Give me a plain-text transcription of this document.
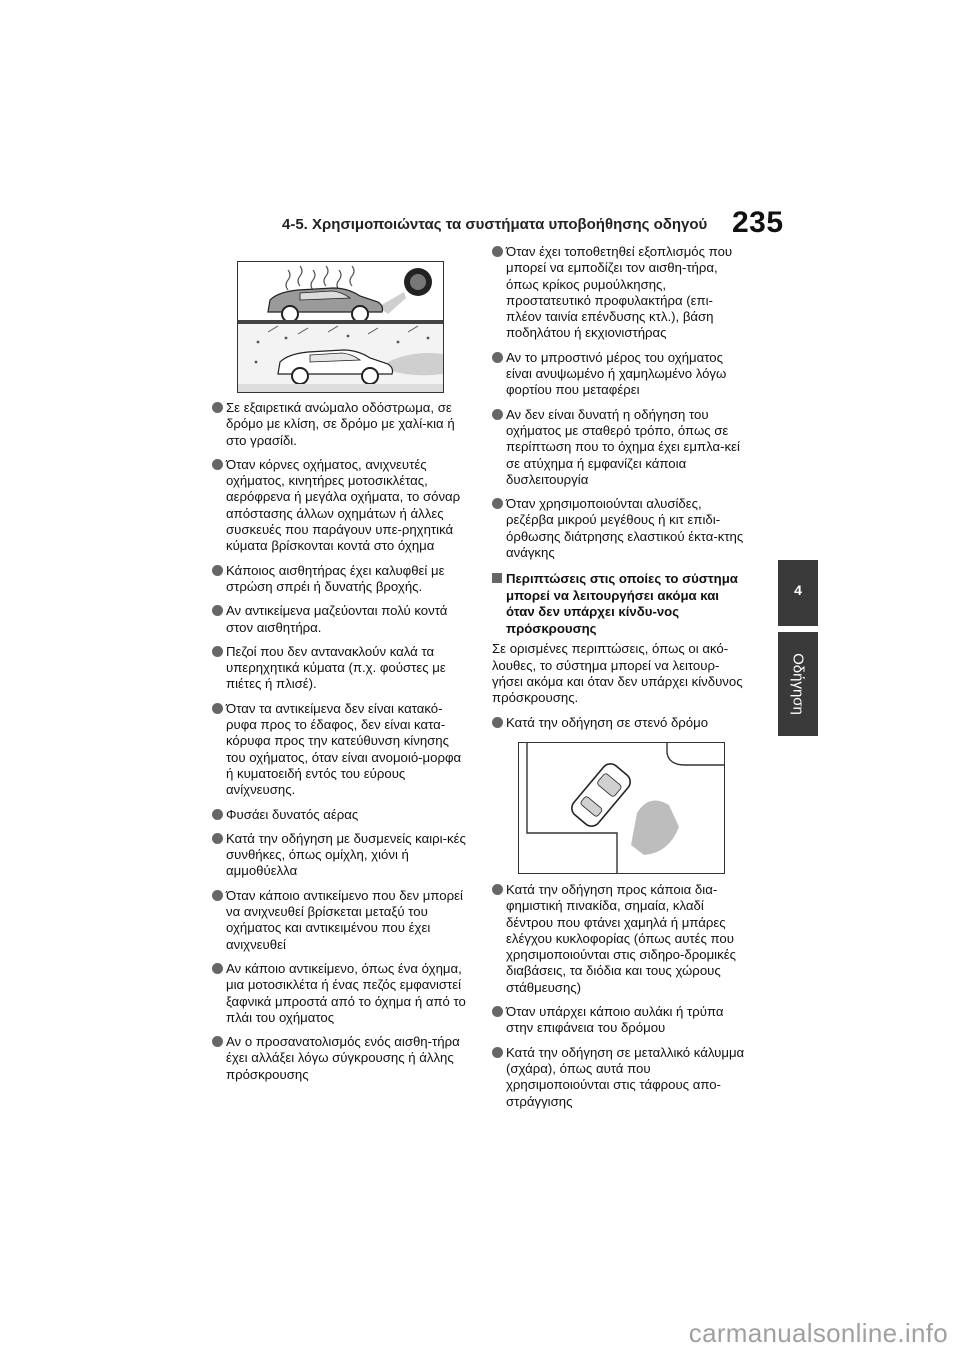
4-5. Χρησιμοποιώντας τα συστήματα υποβοήθησης οδηγού 235
4
Οδήγηση
Σε εξαιρετικά ανώμαλο οδόστρωμα, σε δρόμο με κλίση, σε δρόμο με χαλί-κια ή στο γρασίδι.
Όταν κόρνες οχήματος, ανιχνευτές οχήματος, κινητήρες μοτοσικλέτας, αερόφρενα ή μεγάλα οχήματα, το σόναρ απόστασης άλλων οχημάτων ή άλλες συσκευές που παράγουν υπε-ρηχητικά κύματα βρίσκονται κοντά στο όχημα
Κάποιος αισθητήρας έχει καλυφθεί με στρώση σπρέι ή δυνατής βροχής.
Αν αντικείμενα μαζεύονται πολύ κοντά στον αισθητήρα.
Πεζοί που δεν αντανακλούν καλά τα υπερηχητικά κύματα (π.χ. φούστες με πιέτες ή πλισέ).
Όταν τα αντικείμενα δεν είναι κατακό-ρυφα προς το έδαφος, δεν είναι κατα-κόρυφα προς την κατεύθυνση κίνησης του οχήματος, όταν είναι ανομοιό-μορφα ή κυματοειδή εντός του εύρους ανίχνευσης.
Φυσάει δυνατός αέρας
Κατά την οδήγηση με δυσμενείς καιρι-κές συνθήκες, όπως ομίχλη, χιόνι ή αμμοθύελλα
Όταν κάποιο αντικείμενο που δεν μπορεί να ανιχνευθεί βρίσκεται μεταξύ του οχήματος και αντικειμένου που έχει ανιχνευθεί
Αν κάποιο αντικείμενο, όπως ένα όχημα, μια μοτοσικλέτα ή ένας πεζός εμφανιστεί ξαφνικά μπροστά από το όχημα ή από το πλάι του οχήματος
Αν ο προσανατολισμός ενός αισθη-τήρα έχει αλλάξει λόγω σύγκρουσης ή άλλης πρόσκρουσης
Όταν έχει τοποθετηθεί εξοπλισμός που μπορεί να εμποδίζει τον αισθη-τήρα, όπως κρίκος ρυμούλκησης, προστατευτικό προφυλακτήρα (επι-πλέον ταινία επένδυσης κτλ.), βάση ποδηλάτου ή εκχιονιστήρας
Αν το μπροστινό μέρος του οχήματος είναι ανυψωμένο ή χαμηλωμένο λόγω φορτίου που μεταφέρει
Αν δεν είναι δυνατή η οδήγηση του οχήματος με σταθερό τρόπο, όπως σε περίπτωση που το όχημα έχει εμπλα-κεί σε ατύχημα ή εμφανίζει κάποια δυσλειτουργία
Όταν χρησιμοποιούνται αλυσίδες, ρεζέρβα μικρού μεγέθους ή κιτ επιδι-όρθωσης διάτρησης ελαστικού έκτα-κτης ανάγκης
Περιπτώσεις στις οποίες το σύστημα μπορεί να λειτουργήσει ακόμα και όταν δεν υπάρχει κίνδυ-νος πρόσκρουσης
Σε ορισμένες περιπτώσεις, όπως οι ακό-λουθες, το σύστημα μπορεί να λειτουρ-γήσει ακόμα και όταν δεν υπάρχει κίνδυνος πρόσκρουσης.
Κατά την οδήγηση σε στενό δρόμο
Κατά την οδήγηση προς κάποια δια-φημιστική πινακίδα, σημαία, κλαδί δέντρου που φτάνει χαμηλά ή μπάρες ελέγχου κυκλοφορίας (όπως αυτές που χρησιμοποιούνται στις σιδηρο-δρομικές διαβάσεις, τα διόδια και τους χώρους στάθμευσης)
Όταν υπάρχει κάποιο αυλάκι ή τρύπα στην επιφάνεια του δρόμου
Κατά την οδήγηση σε μεταλλικό κάλυμμα (σχάρα), όπως αυτά που χρησιμοποιούνται στις τάφρους απο-στράγγισης
carmanualsonline.info
